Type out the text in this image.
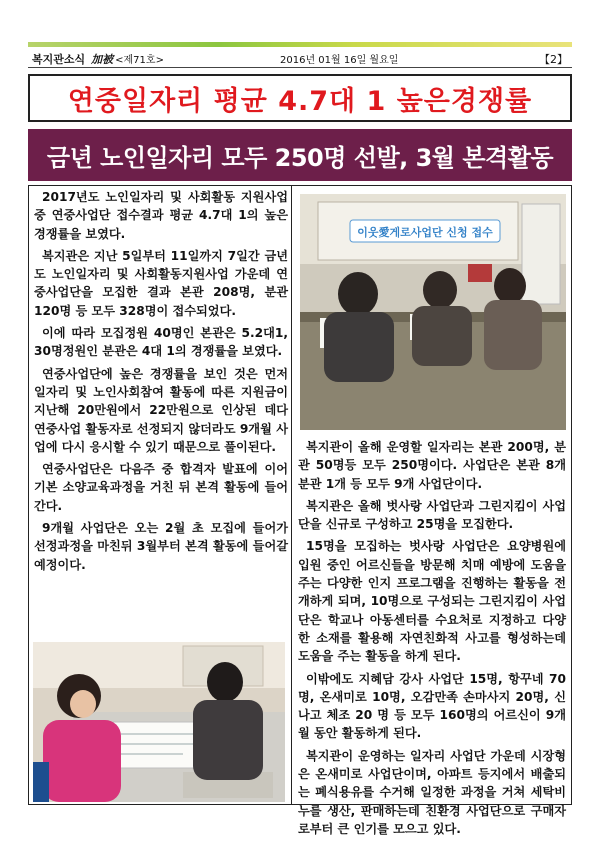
복지관소식 加被 <제71호>	2016년 01월 16일 월요일	【2】
연중일자리 평균 4.7대 1 높은경쟁률
금년 노인일자리 모두 250명 선발, 3월 본격활동

2017년도 노인일자리 및 사회활동 지원사업 중 연중사업단 접수결과 평균 4.7대 1의 높은 경쟁률을 보였다.

복지관은 지난 5일부터 11일까지 7일간 금년도 노인일자리 및 사회활동지원사업 가운데 연중사업단을 모집한 결과 본관 208명, 분관 120명 등 모두 328명이 접수되었다.

이에 따라 모집정원 40명인 본관은 5.2대1, 30명정원인 분관은 4대 1의 경쟁률을 보였다.

연중사업단에 높은 경쟁률을 보인 것은 먼저 일자리 및 노인사회참여 활동에 따른 지원금이 지난해 20만원에서 22만원으로 인상된 데다 연중사업 활동자로 선정되지 않더라도 9개월 사업에 다시 응시할 수 있기 때문으로 풀이된다.

연중사업단은 다음주 중 합격자 발표에 이어 기본 소양교육과정을 거친 뒤 본격 활동에 들어간다.

9개월 사업단은 오는 2월 초 모집에 들어가 선정과정을 마친뒤 3월부터 본격 활동에 들어갈 예정이다.

이웃愛게로사업단 신청 접수

복지관이 올해 운영할 일자리는 본관 200명, 분관 50명등 모두 250명이다. 사업단은 본관 8개 분관 1개 등 모두 9개 사업단이다.

복지관은 올해 벗사랑 사업단과 그린지킴이 사업단을 신규로 구성하고 25명을 모집한다.

15명을 모집하는 벗사랑 사업단은 요양병원에 입원 중인 어르신들을 방문해 치매 예방에 도움을 주는 다양한 인지 프로그램을 진행하는 활동을 전개하게 되며, 10명으로 구성되는 그린지킴이 사업단은 학교나 아동센터를 수요처로 지정하고 다양한 소재를 활용해 자연친화적 사고를 형성하는데 도움을 주는 활동을 하게 된다.

이밖에도 지혜담 강사 사업단 15명, 항꾸네 70명, 온새미로 10명, 오감만족 손마사지 20명, 신나고 체조 20 명 등 모두 160명의 어르신이 9개월 동안 활동하게 된다.

복지관이 운영하는 일자리 사업단 가운데 시장형은 온새미로 사업단이며, 아파트 등지에서 배출되는 폐식용유를 수거해 일정한 과정을 거쳐 세탁비누를 생산, 판매하는데 친환경 사업단으로 구매자로부터 큰 인기를 모으고 있다.
